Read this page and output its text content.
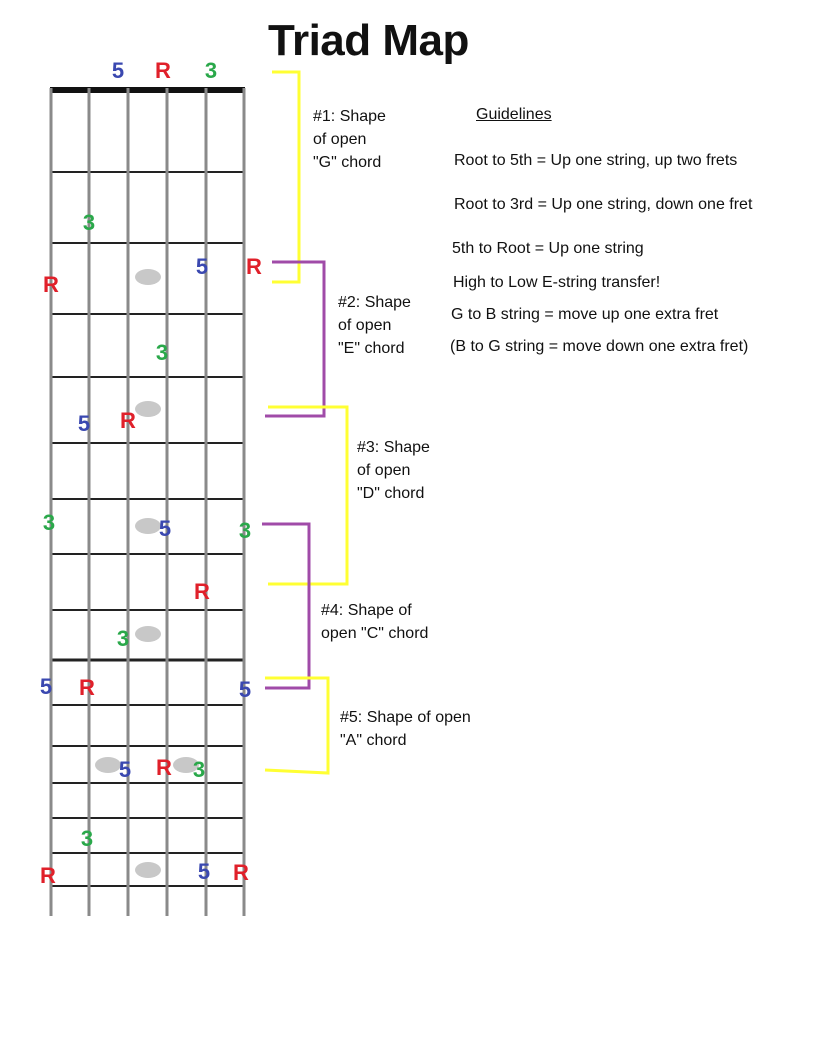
5 R 3
3
R
5 R
3
5 R
3	5	3
R
3
5 R	5
5 R 3
3
R	5 R
Triad Map
Guidelines
Root to 5th = Up one string, up two frets
Root to 3rd = Up one string, down one fret
5th to Root = Up one string
High to Low E-string transfer!
G to B string = move up one extra fret
(B to G string = move down one extra fret)
#1: Shape
of open
"G" chord
#2: Shape
of open
"E" chord
#3: Shape
of open
"D" chord
#4: Shape of
open "C" chord
#5: Shape of open
"A" chord
